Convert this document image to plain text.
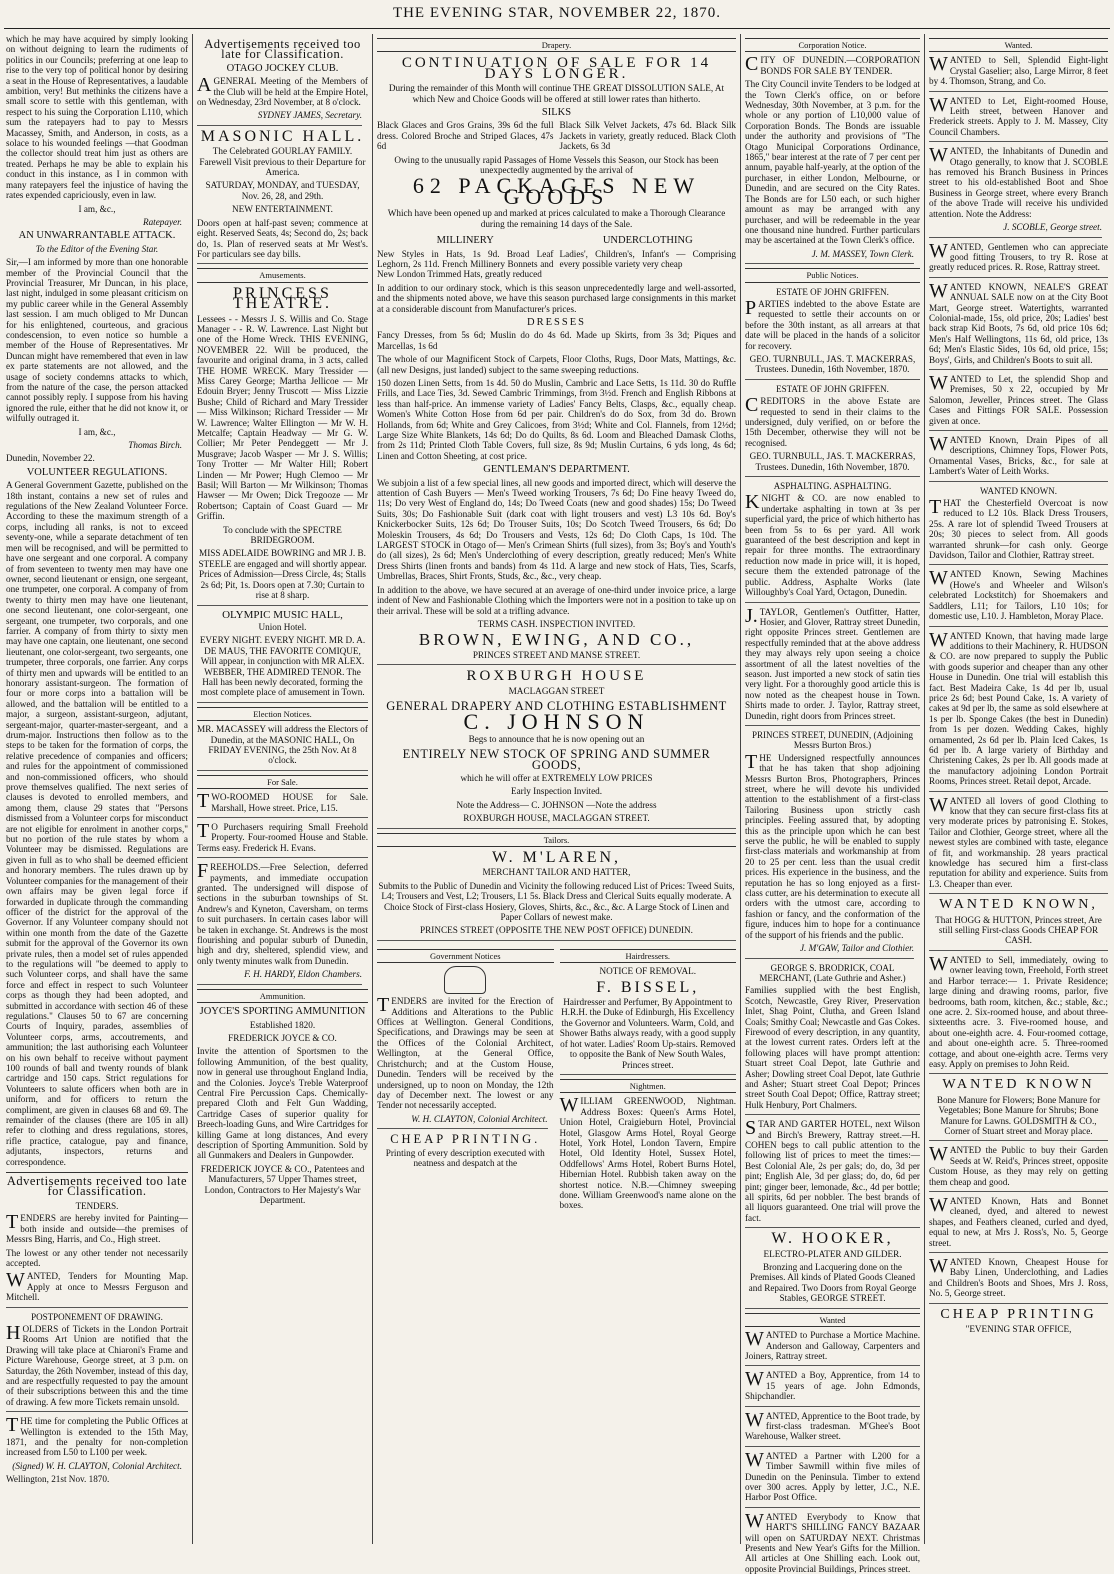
THE EVENING STAR, NOVEMBER 22, 1870.

which he may have acquired by simply looking on without deigning to learn the rudiments of politics in our Councils; preferring at one leap to rise to the very top of political honor by desiring a seat in the House of Representatives, a laudable ambition, very! But methinks the citizens have a small score to settle with this gentleman, with respect to his suing the Corporation L110, which sum the ratepayers had to pay to Messrs Macassey, Smith, and Anderson, in costs, as a solace to his wounded feelings —that Goodman the collector should treat him just as others are treated. Perhaps he may be able to explain his conduct in this instance, as I in common with many ratepayers feel the injustice of having the rates expended capriciously, even in law.

I am, &c.,

Ratepayer.

AN UNWARRANTABLE ATTACK.

To the Editor of the Evening Star.

Sir,—I am informed by more than one honorable member of the Provincial Council that the Provincial Treasurer, Mr Duncan, in his place, last night, indulged in some pleasant criticism on my public career while in the General Assembly last session. I am much obliged to Mr Duncan for his enlightened, courteous, and gracious condescension, to even notice so humble a member of the House of Representatives. Mr Duncan might have remembered that even in law ex parte statements are not allowed, and the usage of society condemns attacks to which, from the nature of the case, the person attacked cannot possibly reply. I suppose from his having ignored the rule, either that he did not know it, or wilfully outraged it.

I am, &c.,

Thomas Birch.

Dunedin, November 22.

VOLUNTEER REGULATIONS.

A General Government Gazette, published on the 18th instant, contains a new set of rules and regulations of the New Zealand Volunteer Force. According to these the maximum strength of a corps, including all ranks, is not to exceed seventy-one, while a separate detachment of ten men will be recognised, and will be permitted to have one sergeant and one corporal. A company of from seventeen to twenty men may have one owner, second lieutenant or ensign, one sergeant, one trumpeter, one corporal. A company of from twenty to thirty men may have one lieutenant, one second lieutenant, one color-sergeant, one sergeant, one trumpeter, two corporals, and one farrier. A company of from thirty to sixty men may have one captain, one lieutenant, one second lieutenant, one color-sergeant, two sergeants, one trumpeter, three corporals, one farrier. Any corps of thirty men and upwards will be entitled to an honorary assistant-surgeon. The formation of four or more corps into a battalion will be allowed, and the battalion will be entitled to a major, a surgeon, assistant-surgeon, adjutant, sergeant-major, quarter-master-sergeant, and a drum-major. Instructions then follow as to the steps to be taken for the formation of corps, the relative precedence of companies and officers; and rules for the appointment of commissioned and non-commissioned officers, who should prove themselves qualified. The next series of clauses is devoted to enrolled members, and among them, clause 29 states that "Persons dismissed from a Volunteer corps for misconduct are not eligible for enrolment in another corps," but no portion of the rule states by whom a Volunteer may be dismissed. Regulations are given in full as to who shall be deemed efficient and honorary members. The rules drawn up by Volunteer companies for the management of their own affairs may be given legal force if forwarded in duplicate through the commanding officer of the district for the approval of the Governor. If any Volunteer company should not within one month from the date of the Gazette submit for the approval of the Governor its own private rules, then a model set of rules appended to the regulations will "be deemed to apply to such Volunteer corps, and shall have the same force and effect in respect to such Volunteer corps as though they had been adopted, and submitted in accordance with section 46 of these regulations." Clauses 50 to 67 are concerning Courts of Inquiry, parades, assemblies of Volunteer corps, arms, accoutrements, and ammunition; the last authorising each Volunteer on his own behalf to receive without payment 100 rounds of ball and twenty rounds of blank cartridge and 150 caps. Strict regulations for Volunteers to salute officers when both are in uniform, and for officers to return the compliment, are given in clauses 68 and 69. The remainder of the clauses (there are 105 in all) refer to clothing and dress regulations, stores, rifle practice, catalogue, pay and finance, adjutants, inspectors, returns and correspondence.

Advertisements received too late for Classification.
TENDERS.

TENDERS are hereby invited for Painting—both inside and outside—the premises of Messrs Bing, Harris, and Co., High street.

The lowest or any other tender not necessarily accepted.

WANTED, Tenders for Mounting Map. Apply at once to Messrs Ferguson and Mitchell.

POSTPONEMENT OF DRAWING.

HOLDERS of Tickets in the London Portrait Rooms Art Union are notified that the Drawing will take place at Chiaroni's Frame and Picture Warehouse, George street, at 3 p.m. on Saturday, the 26th November, instead of this day, and are respectfully requested to pay the amount of their subscriptions between this and the time of drawing. A few more Tickets remain unsold.

THE time for completing the Public Offices at Wellington is extended to the 15th May, 1871, and the penalty for non-completion increased from L50 to L100 per week.

(Signed) W. H. CLAYTON, Colonial Architect.

Wellington, 21st Nov. 1870.

Advertisements received too late for Classification.
OTAGO JOCKEY CLUB.

AGENERAL Meeting of the Members of the Club will be held at the Empire Hotel, on Wednesday, 23rd November, at 8 o'clock.

SYDNEY JAMES, Secretary.

MASONIC HALL.

The Celebrated GOURLAY FAMILY. Farewell Visit previous to their Departure for America.

SATURDAY, MONDAY, and TUESDAY, Nov. 26, 28, and 29th.

NEW ENTERTAINMENT.

Doors open at half-past seven; commence at eight. Reserved Seats, 4s; Second do, 2s; back do, 1s. Plan of reserved seats at Mr West's. For particulars see day bills.

Amusements.
PRINCESS THEATRE.

Lessees - - Messrs J. S. Willis and Co. Stage Manager - - R. W. Lawrence. Last Night but one of the Home Wreck. THIS EVENING, NOVEMBER 22. Will be produced, the favourite and original drama, in 3 acts, called THE HOME WRECK. Mary Tressider — Miss Carey George; Martha Jellicoe — Mr Edouin Bryer; Jenny Truscott — Miss Lizzie Bushe; Child of Richard and Mary Tressider — Miss Wilkinson; Richard Tressider — Mr W. Lawrence; Walter Ellington — Mr W. H. Metcalfe; Captain Headway — Mr G. W. Collier; Mr Peter Pendeggett — Mr J. Musgrave; Jacob Wasper — Mr J. S. Willis; Tony Trotter — Mr Walter Hill; Robert Linden — Mr Power; Hugh Clemoo — Mr Basil; Will Barton — Mr Wilkinson; Thomas Hawser — Mr Owen; Dick Tregooze — Mr Robertson; Captain of Coast Guard — Mr Griffin.

To conclude with the SPECTRE BRIDEGROOM.

MISS ADELAIDE BOWRING and MR J. B. STEELE are engaged and will shortly appear. Prices of Admission—Dress Circle, 4s; Stalls 2s 6d; Pit, 1s. Doors open at 7.30; Curtain to rise at 8 sharp.

OLYMPIC MUSIC HALL,

Union Hotel.

EVERY NIGHT. EVERY NIGHT. MR D. A. DE MAUS, THE FAVORITE COMIQUE, Will appear, in conjunction with MR ALEX. WEBBER, THE ADMIRED TENOR. The Hall has been newly decorated, forming the most complete place of amusement in Town.

Election Notices.

MR. MACASSEY will address the Electors of Dunedin, at the MASONIC HALL, On FRIDAY EVENING, the 25th Nov. At 8 o'clock.

For Sale.

TWO-ROOMED HOUSE for Sale. Marshall, Howe street. Price, L15.

TO Purchasers requiring Small Freehold Property. Four-roomed House and Stable. Terms easy. Frederick H. Evans.

FREEHOLDS.—Free Selection, deferred payments, and immediate occupation granted. The undersigned will dispose of sections in the suburban townships of St. Andrew's and Kyneton, Caversham, on terms to suit purchasers. In certain cases labor will be taken in exchange. St. Andrews is the most flourishing and popular suburb of Dunedin, high and dry, sheltered, splendid view, and only twenty minutes walk from Dunedin.

F. H. HARDY, Eldon Chambers.

Ammunition.
JOYCE'S SPORTING AMMUNITION

Established 1820.

FREDERICK JOYCE & CO.

Invite the attention of Sportsmen to the following Ammunition, of the best quality, now in general use throughout England India, and the Colonies. Joyce's Treble Waterproof Central Fire Percussion Caps. Chemically-prepared Cloth and Felt Gun Wadding, Cartridge Cases of superior quality for Breech-loading Guns, and Wire Cartridges for killing Game at long distances, And every description of Sporting Ammunition. Sold by all Gunmakers and Dealers in Gunpowder.

FREDERICK JOYCE & CO., Patentees and Manufacturers, 57 Upper Thames street, London, Contractors to Her Majesty's War Department.

Drapery.
CONTINUATION OF SALE FOR 14 DAYS LONGER.

During the remainder of this Month will continue THE GREAT DISSOLUTION SALE, At which New and Choice Goods will be offered at still lower rates than hitherto.

SILKS

Black Glaces and Gros Grains, 39s 6d the full dress. Colored Broche and Striped Glaces, 47s 6d

Black Silk Velvet Jackets, 47s 6d. Black Silk Jackets in variety, greatly reduced. Black Cloth Jackets, 6s 3d

Owing to the unusually rapid Passages of Home Vessels this Season, our Stock has been unexpectedly augmented by the arrival of

62 PACKAGES NEW GOODS

Which have been opened up and marked at prices calculated to make a Thorough Clearance during the remaining 14 days of the Sale.

MILLINERY

New Styles in Hats, 1s 9d. Broad Leaf Leghorn, 2s 11d. French Millinery Bonnets and New London Trimmed Hats, greatly reduced

UNDERCLOTHING

Ladies', Children's, Infant's — Comprising every possible variety very cheap

In addition to our ordinary stock, which is this season unprecedentedly large and well-assorted, and the shipments noted above, we have this season purchased large consignments in this market at a considerable discount from Manufacturer's prices.

DRESSES

Fancy Dresses, from 5s 6d; Muslin do do 4s 6d. Made up Skirts, from 3s 3d; Piques and Marcellas, 1s 6d

The whole of our Magnificent Stock of Carpets, Floor Cloths, Rugs, Door Mats, Mattings, &c. (all new Designs, just landed) subject to the same sweeping reductions.

150 dozen Linen Setts, from 1s 4d. 50 do Muslin, Cambric and Lace Setts, 1s 11d. 30 do Ruffle Frills, and Lace Ties, 3d. Sewed Cambric Trimmings, from 3½d. French and English Ribbons at less than half-price. An immense variety of Ladies' Fancy Belts, Clasps, &c., equally cheap. Women's White Cotton Hose from 6d per pair. Children's do do Sox, from 3d do. Brown Hollands, from 6d; White and Grey Calicoes, from 3½d; White and Col. Flannels, from 12½d; Large Size White Blankets, 14s 6d; Do do Quilts, 8s 6d. Loom and Bleached Damask Cloths, from 2s 11d; Printed Cloth Table Covers, full size, 8s 9d; Muslin Curtains, 6 yds long, 4s 6d; Linen and Cotton Sheeting, at cost price.

GENTLEMAN'S DEPARTMENT.

We subjoin a list of a few special lines, all new goods and imported direct, which will deserve the attention of Cash Buyers — Men's Tweed working Trousers, 7s 6d; Do Fine heavy Tweed do, 11s; Do very West of England do, 14s; Do Tweed Coats (new and good shades) 15s; Do Tweed Suits, 30s; Do Fashionable Suit (dark coat with light trousers and vest) L3 10s 6d. Boy's Knickerbocker Suits, 12s 6d; Do Trouser Suits, 10s; Do Scotch Tweed Trousers, 6s 6d; Do Moleskin Trousers, 4s 6d; Do Trousers and Vests, 12s 6d; Do Cloth Caps, 1s 10d. The LARGEST STOCK in Otago of— Men's Crimean Shirts (full sizes), from 3s; Boy's and Youth's do (all sizes), 2s 6d; Men's Underclothing of every description, greatly reduced; Men's White Dress Shirts (linen fronts and bands) from 4s 11d. A large and new stock of Hats, Ties, Scarfs, Umbrellas, Braces, Shirt Fronts, Studs, &c., &c., very cheap.

In addition to the above, we have secured at an average of one-third under invoice price, a large indent of New and Fashionable Clothing which the Importers were not in a position to take up on their arrival. These will be sold at a trifling advance.

TERMS CASH. INSPECTION INVITED.

BROWN, EWING, AND CO.,

PRINCES STREET AND MANSE STREET.

ROXBURGH HOUSE

MACLAGGAN STREET

GENERAL DRAPERY AND CLOTHING ESTABLISHMENT
C. JOHNSON

Begs to announce that he is now opening out an

ENTIRELY NEW STOCK OF SPRING AND SUMMER GOODS,

which he will offer at EXTREMELY LOW PRICES

Early Inspection Invited.

Note the Address— C. JOHNSON —Note the address

ROXBURGH HOUSE, MACLAGGAN STREET.

Tailors.
W. M'LAREN,

MERCHANT TAILOR AND HATTER,

Submits to the Public of Dunedin and Vicinity the following reduced List of Prices: Tweed Suits, L4; Trousers and Vest, L2; Trousers, L1 5s. Black Dress and Clerical Suits equally moderate. A Choice Stock of First-class Hosiery, Gloves, Shirts, &c., &c., &c. A Large Stock of Linen and Paper Collars of newest make.

PRINCES STREET (OPPOSITE THE NEW POST OFFICE) DUNEDIN.

Government Notices

TENDERS are invited for the Erection of Additions and Alterations to the Public Offices at Wellington. General Conditions, Specifications, and Drawings may be seen at the Offices of the Colonial Architect, Wellington, at the General Office, Christchurch; and at the Custom House, Dunedin. Tenders will be received by the undersigned, up to noon on Monday, the 12th day of December next. The lowest or any Tender not necessarily accepted.

W. H. CLAYTON, Colonial Architect.

CHEAP PRINTING.

Printing of every description executed with neatness and despatch at the

Hairdressers.

NOTICE OF REMOVAL.

F. BISSEL,

Hairdresser and Perfumer, By Appointment to H.R.H. the Duke of Edinburgh, His Excellency the Governor and Volunteers. Warm, Cold, and Shower Baths always ready, with a good supply of hot water. Ladies' Room Up-stairs. Removed to opposite the Bank of New South Wales, Princes street.

Nightmen.

WILLIAM GREENWOOD, Nightman. Address Boxes: Queen's Arms Hotel, Union Hotel, Craigieburn Hotel, Provincial Hotel, Glasgow Arms Hotel, Royal George Hotel, York Hotel, London Tavern, Empire Hotel, Old Identity Hotel, Sussex Hotel, Oddfellows' Arms Hotel, Robert Burns Hotel, Hibernian Hotel. Rubbish taken away on the shortest notice. N.B.—Chimney sweeping done. William Greenwood's name alone on the boxes.

Corporation Notice.

CITY OF DUNEDIN.—CORPORATION BONDS FOR SALE BY TENDER.

The City Council invite Tenders to be lodged at the Town Clerk's office, on or before Wednesday, 30th November, at 3 p.m. for the whole or any portion of L10,000 value of Corporation Bonds. The Bonds are issuable under the authority and provisions of "The Otago Municipal Corporations Ordinance, 1865," bear interest at the rate of 7 per cent per annum, payable half-yearly, at the option of the purchaser, in either London, Melbourne, or Dunedin, and are secured on the City Rates. The Bonds are for L50 each, or such higher amount as may be arranged with any purchaser, and will be redeemable in the year one thousand nine hundred. Further particulars may be ascertained at the Town Clerk's office.

J. M. MASSEY, Town Clerk.

Public Notices.
ESTATE OF JOHN GRIFFEN.

PARTIES indebted to the above Estate are requested to settle their accounts on or before the 30th instant, as all arrears at that date will be placed in the hands of a solicitor for recovery.

GEO. TURNBULL, JAS. T. MACKERRAS, Trustees. Dunedin, 16th November, 1870.

ESTATE OF JOHN GRIFFEN.

CREDITORS in the above Estate are requested to send in their claims to the undersigned, duly verified, on or before the 15th December, otherwise they will not be recognised.

GEO. TURNBULL, JAS. T. MACKERRAS, Trustees. Dunedin, 16th November, 1870.

ASPHALTING. ASPHALTING.

KNIGHT & CO. are now enabled to undertake asphalting in town at 3s per superficial yard, the price of which hitherto has been from 5s to 6s per yard. All work guaranteed of the best description and kept in repair for three months. The extraordinary reduction now made in price will, it is hoped, secure them the extended patronage of the public. Address, Asphalte Works (late Willoughby's Coal Yard, Octagon, Dunedin.

J.TAYLOR, Gentlemen's Outfitter, Hatter, Hosier, and Glover, Rattray street Dunedin, right opposite Princes street. Gentlemen are respectfully reminded that at the above address they may always rely upon seeing a choice assortment of all the latest novelties of the season. Just imported a new stock of satin ties very light. For a thoroughly good article this is now noted as the cheapest house in Town. Shirts made to order. J. Taylor, Rattray street, Dunedin, right doors from Princes street.

PRINCES STREET, DUNEDIN, (Adjoining Messrs Burton Bros.)

THE Undersigned respectfully announces that he has taken that shop adjoining Messrs Burton Bros, Photographers, Princes street, where he will devote his undivided attention to the establishment of a first-class Tailoring Business upon strictly cash principles. Feeling assured that, by adopting this as the principle upon which he can best serve the public, he will be enabled to supply first-class materials and workmanship at from 20 to 25 per cent. less than the usual credit prices. His experience in the business, and the reputation he has so long enjoyed as a first-class cutter, are his determination to execute all orders with the utmost care, according to fashion or fancy, and the conformation of the figure, induces him to hope for a continuance of the support of his friends and the public.

J. M'GAW, Tailor and Clothier.

GEORGE S. BRODRICK, COAL MERCHANT, (Late Guthrie and Asher.)

Families supplied with the best English, Scotch, Newcastle, Grey River, Preservation Inlet, Shag Point, Clutha, and Green Island Coals; Smithy Coal; Newcastle and Gas Cokes. Firewood of every description, in any quantity, at the lowest current rates. Orders left at the following places will have prompt attention: Stuart street Coal Depot, late Guthrie and Asher; Dowling street Coal Depot, late Guthrie and Asher; Stuart street Coal Depot; Princes street South Coal Depot; Office, Rattray street; Hulk Henbury, Port Chalmers.

STAR AND GARTER HOTEL, next Wilson and Birch's Brewery, Rattray street.—H. COHEN begs to call public attention to the following list of prices to meet the times:—Best Colonial Ale, 2s per gals; do, do, 3d per pint; English Ale, 3d per glass; do, do, 6d per pint; ginger beer, lemonade, &c., 4d per bottle; all spirits, 6d per nobbler. The best brands of all liquors guaranteed. One trial will prove the fact.

W. HOOKER,

ELECTRO-PLATER AND GILDER.

Bronzing and Lacquering done on the Premises. All kinds of Plated Goods Cleaned and Repaired. Two Doors from Royal George Stables, GEORGE STREET.

Wanted

WANTED to Purchase a Mortice Machine. Anderson and Galloway, Carpenters and Joiners, Rattray street.

WANTED a Boy, Apprentice, from 14 to 15 years of age. John Edmonds, Shipchandler.

WANTED, Apprentice to the Boot trade, by first-class tradesman. M'Ghee's Boot Warehouse, Walker street.

WANTED a Partner with L200 for a Timber Sawmill within five miles of Dunedin on the Peninsula. Timber to extend over 300 acres. Apply by letter, J.C., N.E. Harbor Post Office.

WANTED Everybody to Know that HART'S SHILLING FANCY BAZAAR will open on SATURDAY NEXT. Christmas Presents and New Year's Gifts for the Million. All articles at One Shilling each. Look out, opposite Provincial Buildings, Princes street.

Wanted.

WANTED to Sell, Splendid Eight-light Crystal Gaselier; also, Large Mirror, 8 feet by 4. Thomson, Strang, and Co.

WANTED to Let, Eight-roomed House, Leith street, between Hanover and Frederick streets. Apply to J. M. Massey, City Council Chambers.

WANTED, the Inhabitants of Dunedin and Otago generally, to know that J. SCOBLE has removed his Branch Business in Princes street to his old-established Boot and Shoe Business in George street, where every Branch of the above Trade will receive his undivided attention. Note the Address:

J. SCOBLE, George street.

WANTED, Gentlemen who can appreciate good fitting Trousers, to try R. Rose at greatly reduced prices. R. Rose, Rattray street.

WANTED KNOWN, NEALE'S GREAT ANNUAL SALE now on at the City Boot Mart, George street. Watertights, warranted Colonial-made, 15s, old price, 20s; Ladies' best back strap Kid Boots, 7s 6d, old price 10s 6d; Men's Half Wellingtons, 11s 6d, old price, 13s 6d; Men's Elastic Sides, 10s 6d, old price, 15s; Boys', Girls, and Children's Boots to suit all.

WANTED to Let, the splendid Shop and Premises, 50 x 22, occupied by Mr Salomon, Jeweller, Princes street. The Glass Cases and Fittings FOR SALE. Possession given at once.

WANTED Known, Drain Pipes of all descriptions, Chimney Tops, Flower Pots, Ornamental Vases, Bricks, &c., for sale at Lambert's Water of Leith Works.

WANTED KNOWN.

THAT the Chesterfield Overcoat is now reduced to L2 10s. Black Dress Trousers, 25s. A rare lot of splendid Tweed Trousers at 20s; 30 pieces to select from. All goods warranted shrunk—for cash only. George Davidson, Tailor and Clothier, Rattray street.

WANTED Known, Sewing Machines (Howe's and Wheeler and Wilson's celebrated Lockstitch) for Shoemakers and Saddlers, L11; for Tailors, L10 10s; for domestic use, L10. J. Hambleton, Moray Place.

WANTED Known, that having made large additions to their Machinery, R. HUDSON & CO. are now prepared to supply the Public with goods superior and cheaper than any other House in Dunedin. One trial will establish this fact. Best Madeira Cake, 1s 4d per lb, usual price 2s 6d; best Pound Cake, 1s. A variety of cakes at 9d per lb, the same as sold elsewhere at 1s per lb. Sponge Cakes (the best in Dunedin) from 1s per dozen. Wedding Cakes, highly ornamented, 2s 6d per lb. Plain Iced Cakes, 1s 6d per lb. A large variety of Birthday and Christening Cakes, 2s per lb. All goods made at the manufactory adjoining London Portrait Rooms, Princes street. Retail depot, Arcade.

WANTED all lovers of good Clothing to know that they can secure first-class fits at very moderate prices by patronising E. Stokes, Tailor and Clothier, George street, where all the newest styles are combined with taste, elegance of fit, and workmanship. 28 years practical knowledge has secured him a first-class reputation for ability and experience. Suits from L3. Cheaper than ever.

WANTED KNOWN,

That HOGG & HUTTON, Princes street, Are still selling First-class Goods CHEAP FOR CASH.

WANTED to Sell, immediately, owing to owner leaving town, Freehold, Forth street and Harbor terrace:— 1. Private Residence; large dining and drawing rooms, parlor, five bedrooms, bath room, kitchen, &c.; stable, &c.; one acre. 2. Six-roomed house, and about three-sixteenths acre. 3. Five-roomed house, and about one-eighth acre. 4. Four-roomed cottage, and about one-eighth acre. 5. Three-roomed cottage, and about one-eighth acre. Terms very easy. Apply on premises to John Reid.

WANTED KNOWN

Bone Manure for Flowers; Bone Manure for Vegetables; Bone Manure for Shrubs; Bone Manure for Lawns. GOLDSMITH & CO., Corner of Stuart street and Moray place.

WANTED the Public to buy their Garden Seeds at W. Reid's, Princes street, opposite Custom House, as they may rely on getting them cheap and good.

WANTED Known, Hats and Bonnet cleaned, dyed, and altered to newest shapes, and Feathers cleaned, curled and dyed, equal to new, at Mrs J. Ross's, No. 5, George street.

WANTED Known, Cheapest House for Baby Linen, Underclothing, and Ladies and Children's Boots and Shoes, Mrs J. Ross, No. 5, George street.

CHEAP PRINTING

"EVENING STAR OFFICE,
